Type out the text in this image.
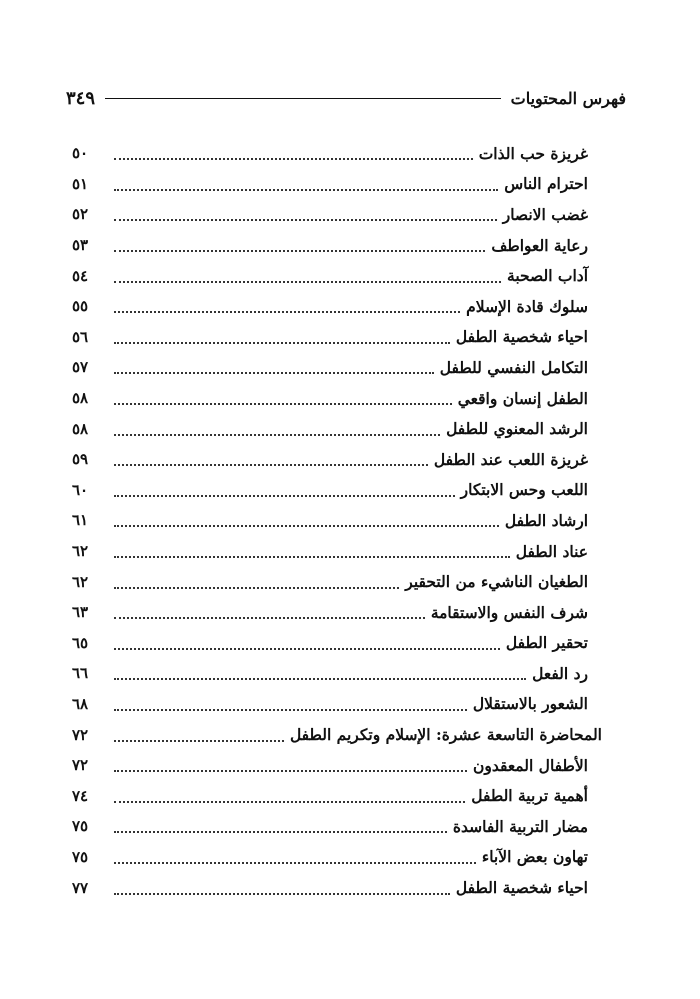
فهرس المحتويات
٣٤٩
غريزة حب الذات
٥٠
احترام الناس
٥١
غضب الانصار
٥٢
رعاية العواطف
٥٣
آداب الصحبة
٥٤
سلوك قادة الإسلام
٥٥
احياء شخصية الطفل
٥٦
التكامل النفسي للطفل
٥٧
الطفل إنسان واقعي
٥٨
الرشد المعنوي للطفل
٥٨
غريزة اللعب عند الطفل
٥٩
اللعب وحس الابتكار
٦٠
ارشاد الطفل
٦١
عناد الطفل
٦٢
الطغيان الناشيء من التحقير
٦٢
شرف النفس والاستقامة
٦٣
تحقير الطفل
٦٥
رد الفعل
٦٦
الشعور بالاستقلال
٦٨
المحاضرة التاسعة عشرة: الإسلام وتكريم الطفل
٧٢
الأطفال المعقدون
٧٢
أهمية تربية الطفل
٧٤
مضار التربية الفاسدة
٧٥
تهاون بعض الآباء
٧٥
احياء شخصية الطفل
٧٧
